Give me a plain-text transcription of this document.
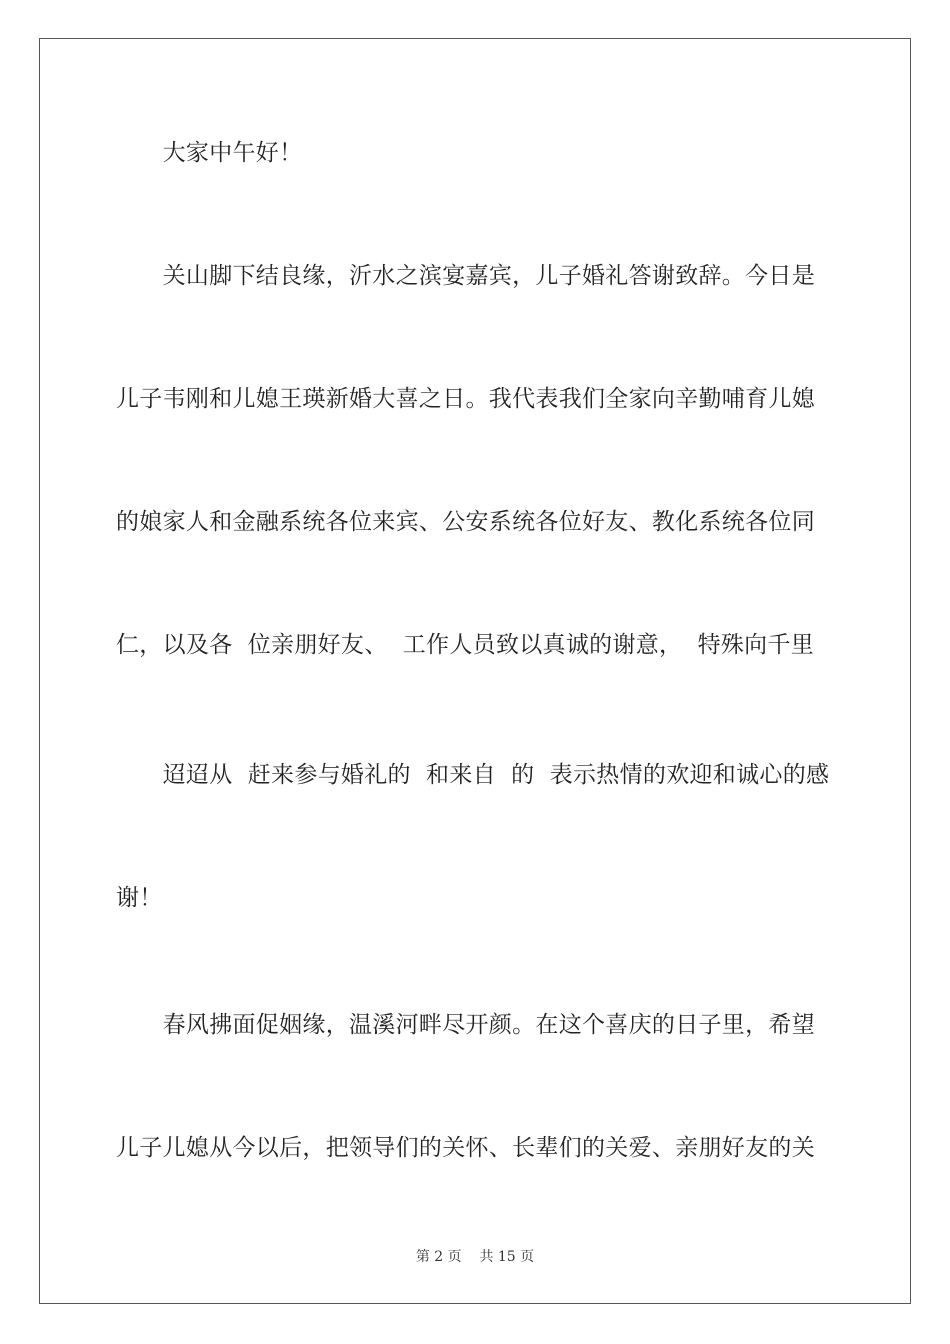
　　大家中午好！
　　关山脚下结良缘，沂水之滨宴嘉宾，儿子婚礼答谢致辞。今日是
儿子韦刚和儿媳王瑛新婚大喜之日。我代表我们全家向辛勤哺育儿媳
的娘家人和金融系统各位来宾、公安系统各位好友、教化系统各位同
仁，以及各  位亲朋好友、  工作人员致以真诚的谢意，  特殊向千里
　　迢迢从  赶来参与婚礼的  和来自  的  表示热情的欢迎和诚心的感
谢！
　　春风拂面促姻缘，温溪河畔尽开颜。在这个喜庆的日子里，希望
儿子儿媳从今以后，把领导们的关怀、长辈们的关爱、亲朋好友的关
第 2 页 共 15 页
